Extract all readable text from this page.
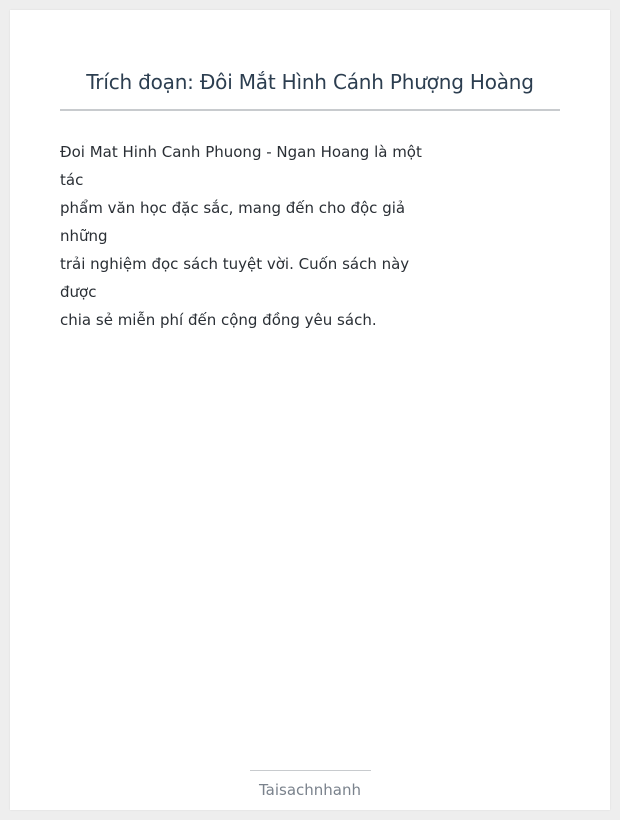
Trích đoạn: Đôi Mắt Hình Cánh Phượng Hoàng
Đoi Mat Hinh Canh Phuong - Ngan Hoang là một
tác
phẩm văn học đặc sắc, mang đến cho độc giả
những
trải nghiệm đọc sách tuyệt vời. Cuốn sách này
được
chia sẻ miễn phí đến cộng đồng yêu sách.
Taisachnhanh
